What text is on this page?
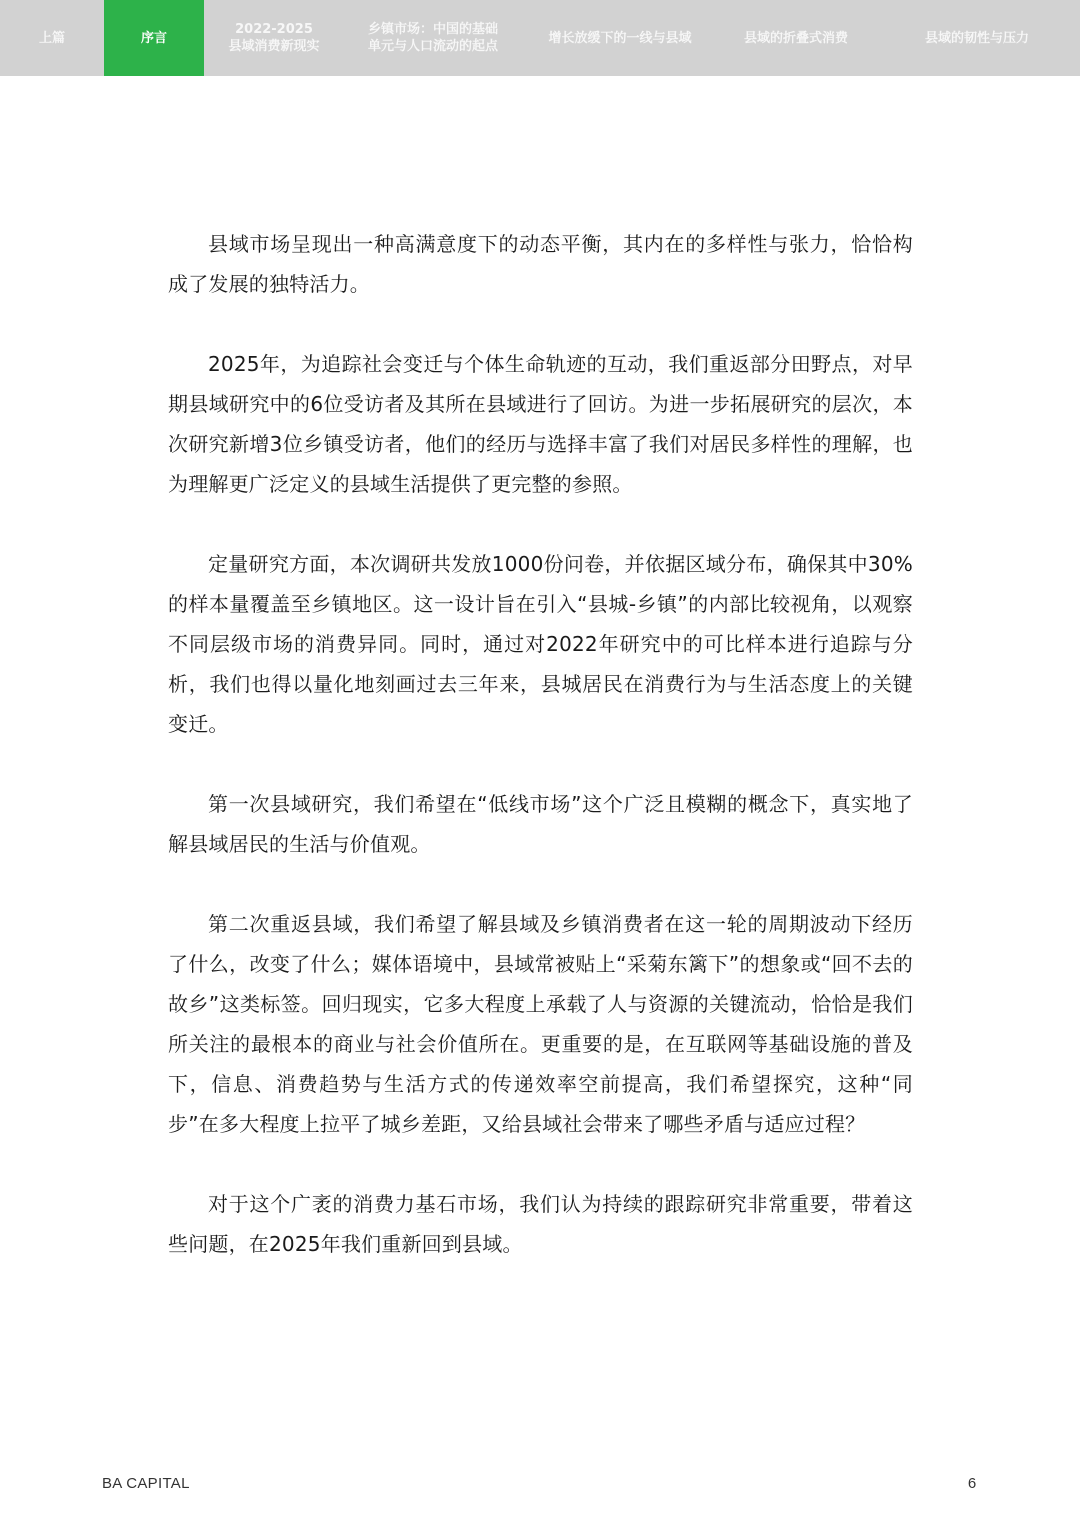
上篇	序言
2022-2025
县域消费新现实
乡镇市场：中国的基础
单元与人口流动的起点
增长放缓下的一线与县域	县域的折叠式消费	县域的韧性与压力

县域市场呈现出一种高满意度下的动态平衡，其内在的多样性与张力，恰恰构成了发展的独特活力。

2025年，为追踪社会变迁与个体生命轨迹的互动，我们重返部分田野点，对早期县域研究中的6位受访者及其所在县域进行了回访。为进一步拓展研究的层次，本次研究新增3位乡镇受访者，他们的经历与选择丰富了我们对居民多样性的理解，也为理解更广泛定义的县域生活提供了更完整的参照。

定量研究方面，本次调研共发放1000份问卷，并依据区域分布，确保其中30%的样本量覆盖至乡镇地区。这一设计旨在引入“县城-乡镇”的内部比较视角，以观察不同层级市场的消费异同。同时，通过对2022年研究中的可比样本进行追踪与分析，我们也得以量化地刻画过去三年来，县城居民在消费行为与生活态度上的关键变迁。

第一次县域研究，我们希望在“低线市场”这个广泛且模糊的概念下，真实地了解县域居民的生活与价值观。

第二次重返县域，我们希望了解县域及乡镇消费者在这一轮的周期波动下经历了什么，改变了什么；媒体语境中，县域常被贴上“采菊东篱下”的想象或“回不去的故乡”这类标签。回归现实，它多大程度上承载了人与资源的关键流动，恰恰是我们所关注的最根本的商业与社会价值所在。更重要的是，在互联网等基础设施的普及下，信息、消费趋势与生活方式的传递效率空前提高，我们希望探究，这种“同步”在多大程度上拉平了城乡差距，又给县域社会带来了哪些矛盾与适应过程？

对于这个广袤的消费力基石市场，我们认为持续的跟踪研究非常重要，带着这些问题，在2025年我们重新回到县域。

BA CAPITAL	6
